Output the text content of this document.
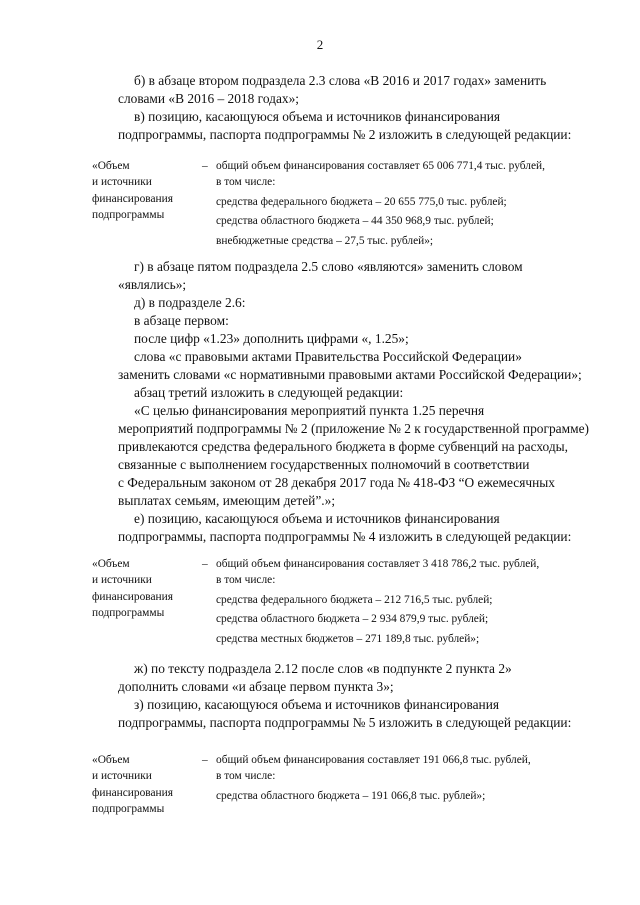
2

б) в абзаце втором подраздела 2.3 слова «В 2016 и 2017 годах» заменить

словами «В 2016 – 2018 годах»;

в) позицию, касающуюся объема и источников финансирования

подпрограммы, паспорта подпрограммы № 2 изложить в следующей редакции:

«Объем
и источники
финансирования
подпрограммы
– общий объем финансирования составляет 65 006 771,4 тыс. рублей,
в том числе:
средства федерального бюджета – 20 655 775,0 тыс. рублей;
средства областного бюджета – 44 350 968,9 тыс. рублей;
внебюджетные средства – 27,5 тыс. рублей»;

г) в абзаце пятом подраздела 2.5 слово «являются» заменить словом

«являлись»;

д) в подразделе 2.6:

в абзаце первом:

после цифр «1.23» дополнить цифрами «, 1.25»;

слова «с правовыми актами Правительства Российской Федерации»

заменить словами «с нормативными правовыми актами Российской Федерации»;

абзац третий изложить в следующей редакции:

«С целью финансирования мероприятий пункта 1.25 перечня

мероприятий подпрограммы № 2 (приложение № 2 к государственной программе)

привлекаются средства федерального бюджета в форме субвенций на расходы,

связанные с выполнением государственных полномочий в соответствии

с Федеральным законом от 28 декабря 2017 года № 418-ФЗ “О ежемесячных

выплатах семьям, имеющим детей”.»;

е) позицию, касающуюся объема и источников финансирования

подпрограммы, паспорта подпрограммы № 4 изложить в следующей редакции:

«Объем
и источники
финансирования
подпрограммы
– общий объем финансирования составляет 3 418 786,2 тыс. рублей,
в том числе:
средства федерального бюджета – 212 716,5 тыс. рублей;
средства областного бюджета – 2 934 879,9 тыс. рублей;
средства местных бюджетов – 271 189,8 тыс. рублей»;

ж) по тексту подраздела 2.12 после слов «в подпункте 2 пункта 2»

дополнить словами «и абзаце первом пункта 3»;

з) позицию, касающуюся объема и источников финансирования

подпрограммы, паспорта подпрограммы № 5 изложить в следующей редакции:

«Объем
и источники
финансирования
подпрограммы
– общий объем финансирования составляет 191 066,8 тыс. рублей,
в том числе:
средства областного бюджета – 191 066,8 тыс. рублей»;
